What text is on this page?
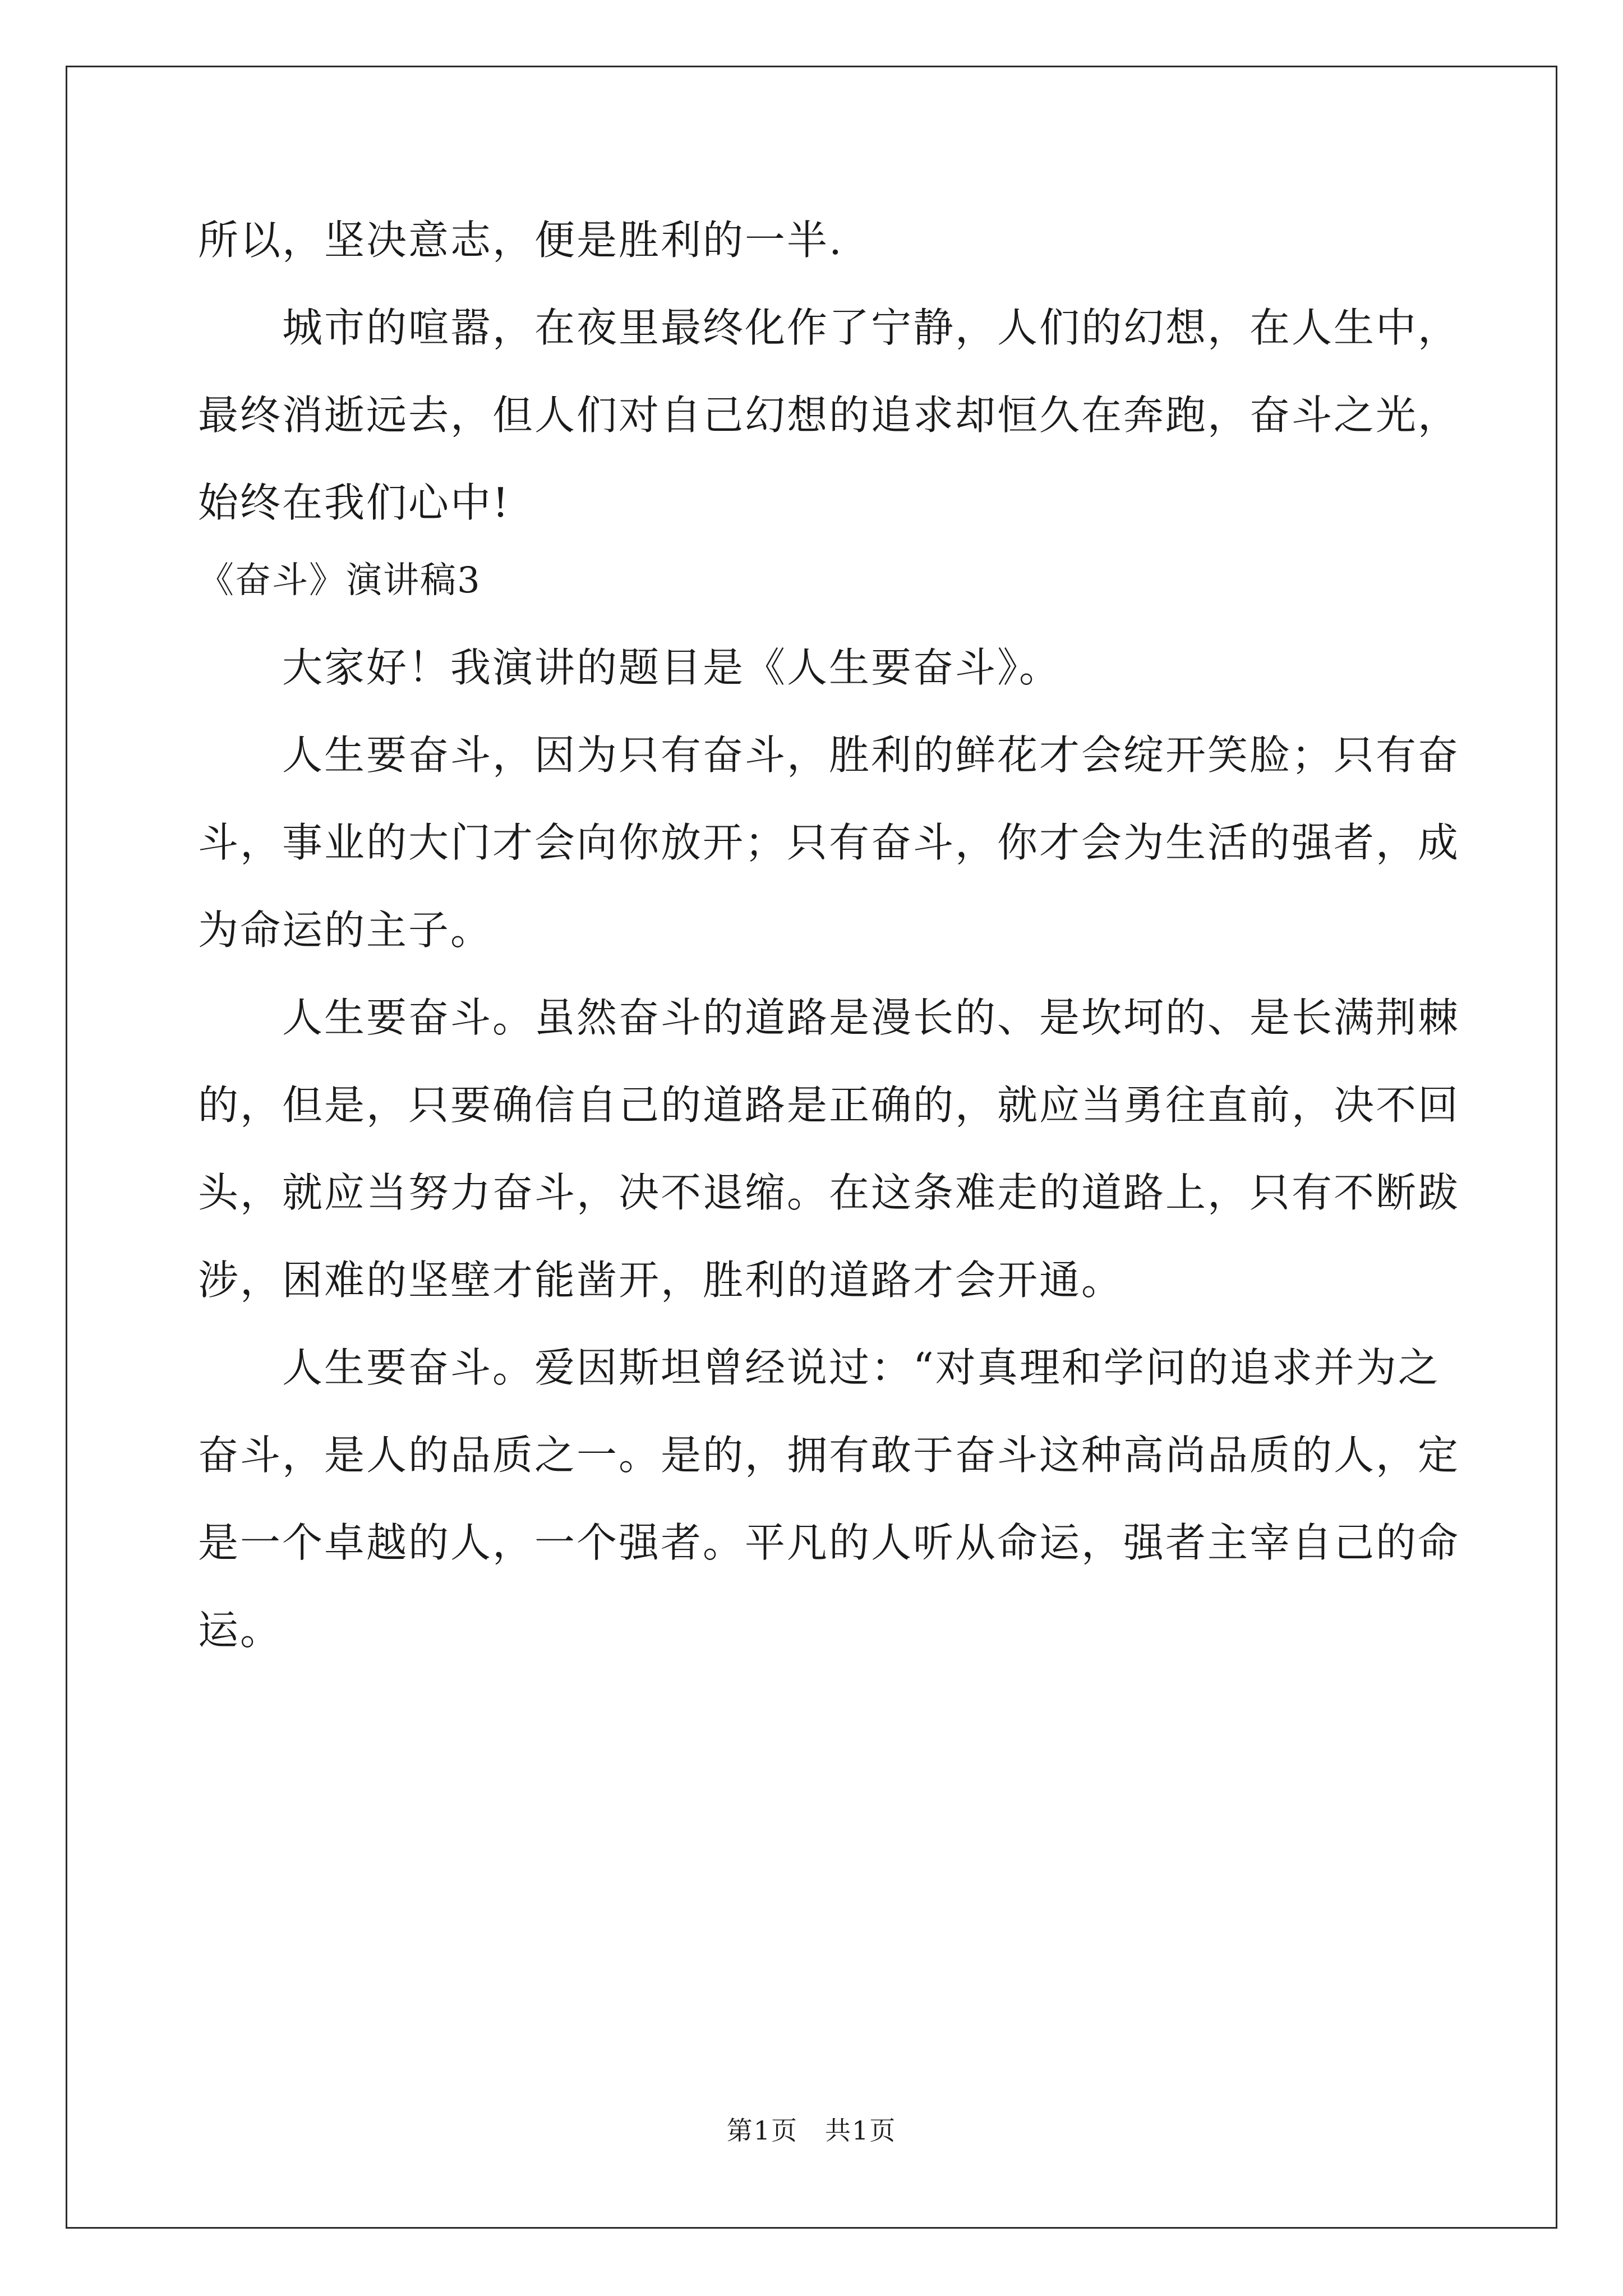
所以，坚决意志，便是胜利的一半.
城市的喧嚣，在夜里最终化作了宁静，人们的幻想，在人生中，
最终消逝远去，但人们对自己幻想的追求却恒久在奔跑，奋斗之光，
始终在我们心中!
《奋斗》演讲稿3
大家好！我演讲的题目是《人生要奋斗》。
人生要奋斗，因为只有奋斗，胜利的鲜花才会绽开笑脸；只有奋
斗，事业的大门才会向你放开；只有奋斗，你才会为生活的强者，成
为命运的主子。
人生要奋斗。虽然奋斗的道路是漫长的、是坎坷的、是长满荆棘
的，但是，只要确信自己的道路是正确的，就应当勇往直前，决不回
头，就应当努力奋斗，决不退缩。在这条难走的道路上，只有不断跋
涉，困难的坚壁才能凿开，胜利的道路才会开通。
人生要奋斗。爱因斯坦曾经说过：“对真理和学问的追求并为之
奋斗，是人的品质之一。是的，拥有敢于奋斗这种高尚品质的人，定
是一个卓越的人，一个强者。平凡的人听从命运，强者主宰自己的命
运。
第1页　共1页
